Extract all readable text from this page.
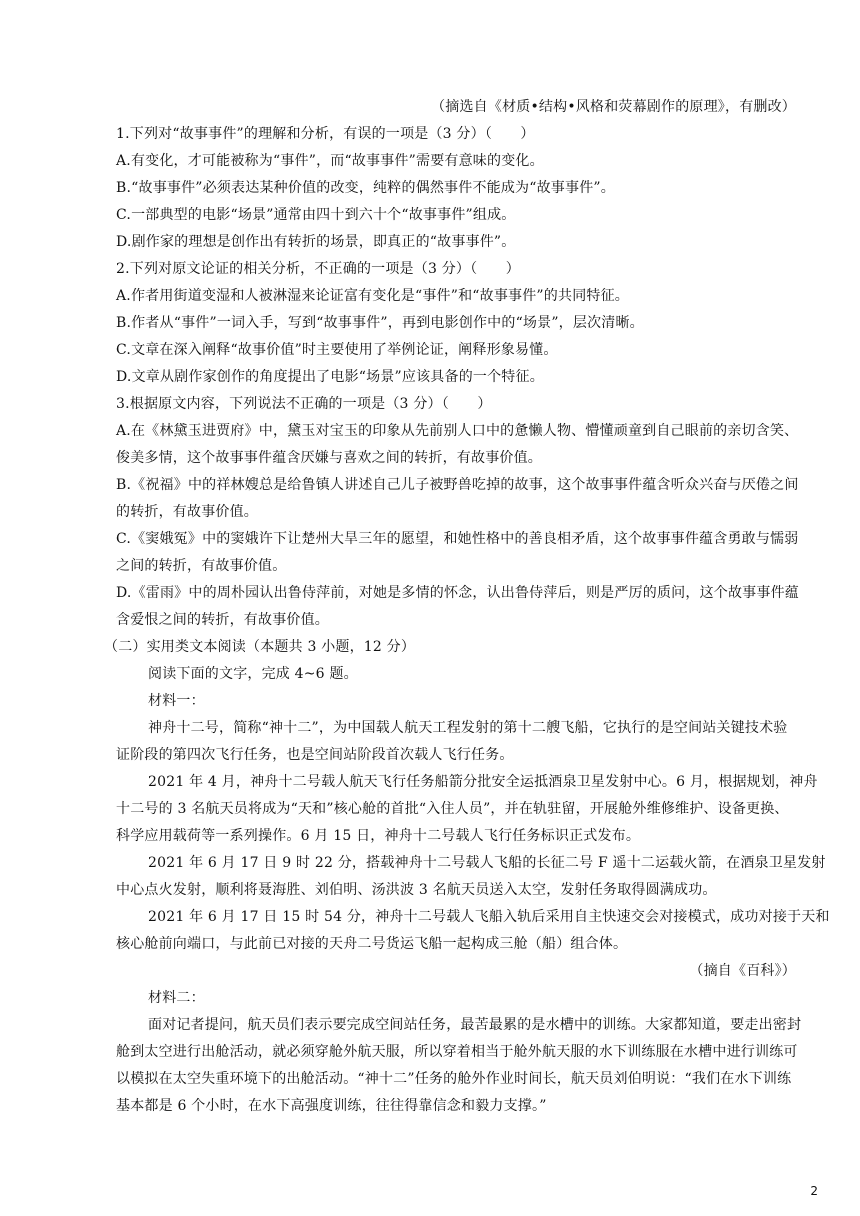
（摘选自《材质•结构•风格和荧幕剧作的原理》，有删改）
1.下列对“故事事件”的理解和分析，有误的一项是（3 分）（　　）
A.有变化，才可能被称为“事件”，而“故事事件”需要有意味的变化。
B.“故事事件”必须表达某种价值的改变，纯粹的偶然事件不能成为“故事事件”。
C.一部典型的电影“场景”通常由四十到六十个“故事事件”组成。
D.剧作家的理想是创作出有转折的场景，即真正的“故事事件”。
2.下列对原文论证的相关分析，不正确的一项是（3 分）（　　）
A.作者用街道变湿和人被淋湿来论证富有变化是“事件”和“故事事件”的共同特征。
B.作者从“事件”一词入手，写到“故事事件”，再到电影创作中的“场景”，层次清晰。
C.文章在深入阐释“故事价值”时主要使用了举例论证，阐释形象易懂。
D.文章从剧作家创作的角度提出了电影“场景”应该具备的一个特征。
3.根据原文内容，下列说法不正确的一项是（3 分）（　　）
A.在《林黛玉进贾府》中，黛玉对宝玉的印象从先前别人口中的惫懒人物、懵懂顽童到自己眼前的亲切含笑、
俊美多情，这个故事事件蕴含厌嫌与喜欢之间的转折，有故事价值。
B.《祝福》中的祥林嫂总是给鲁镇人讲述自己儿子被野兽吃掉的故事，这个故事事件蕴含听众兴奋与厌倦之间
的转折，有故事价值。
C.《窦娥冤》中的窦娥许下让楚州大旱三年的愿望，和她性格中的善良相矛盾，这个故事事件蕴含勇敢与懦弱
之间的转折，有故事价值。
D.《雷雨》中的周朴园认出鲁侍萍前，对她是多情的怀念，认出鲁侍萍后，则是严厉的质问，这个故事事件蕴
含爱恨之间的转折，有故事价值。
（二）实用类文本阅读（本题共 3 小题，12 分）
阅读下面的文字，完成 4~6 题。
材料一：
神舟十二号，简称“神十二”，为中国载人航天工程发射的第十二艘飞船，它执行的是空间站关键技术验
证阶段的第四次飞行任务，也是空间站阶段首次载人飞行任务。
2021 年 4 月，神舟十二号载人航天飞行任务船箭分批安全运抵酒泉卫星发射中心。6 月，根据规划，神舟
十二号的 3 名航天员将成为“天和”核心舱的首批“入住人员”，并在轨驻留，开展舱外维修维护、设备更换、
科学应用载荷等一系列操作。6 月 15 日，神舟十二号载人飞行任务标识正式发布。
2021 年 6 月 17 日 9 时 22 分，搭载神舟十二号载人飞船的长征二号 F 遥十二运载火箭，在酒泉卫星发射
中心点火发射，顺利将聂海胜、刘伯明、汤洪波 3 名航天员送入太空，发射任务取得圆满成功。
2021 年 6 月 17 日 15 时 54 分，神舟十二号载人飞船入轨后采用自主快速交会对接模式，成功对接于天和
核心舱前向端口，与此前已对接的天舟二号货运飞船一起构成三舱（船）组合体。
（摘自《百科》）
材料二：
面对记者提问，航天员们表示要完成空间站任务，最苦最累的是水槽中的训练。大家都知道，要走出密封
舱到太空进行出舱活动，就必须穿舱外航天服，所以穿着相当于舱外航天服的水下训练服在水槽中进行训练可
以模拟在太空失重环境下的出舱活动。“神十二”任务的舱外作业时间长，航天员刘伯明说：“我们在水下训练
基本都是 6 个小时，在水下高强度训练，往往得靠信念和毅力支撑。”
2
